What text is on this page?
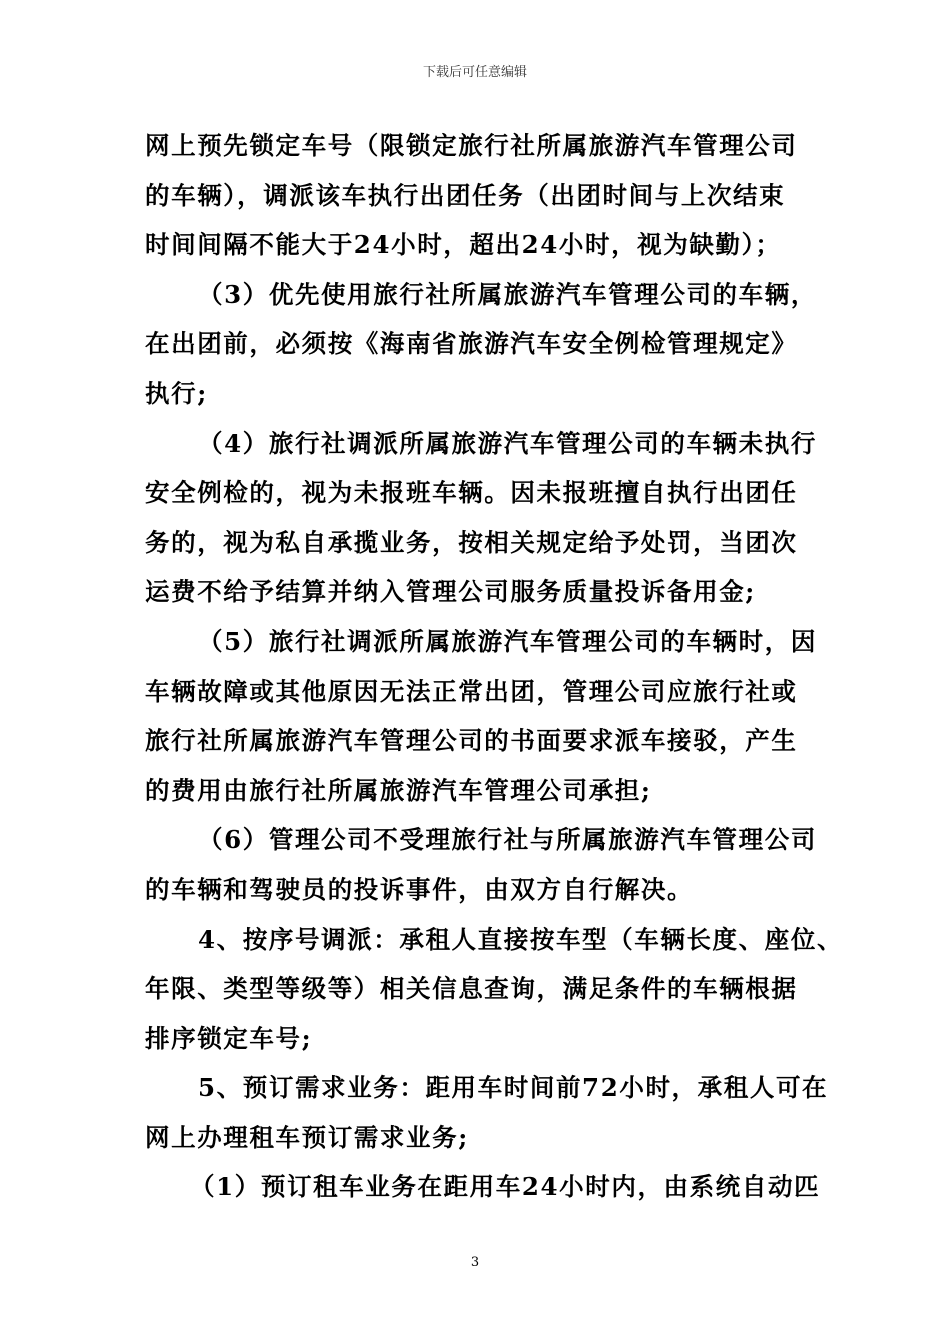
下载后可任意编辑
网上预先锁定车号（限锁定旅行社所属旅游汽车管理公司
的车辆），调派该车执行出团任务（出团时间与上次结束
时间间隔不能大于24小时，超出24小时，视为缺勤）；
（3）优先使用旅行社所属旅游汽车管理公司的车辆，
在出团前，必须按《海南省旅游汽车安全例检管理规定》
执行;
（4）旅行社调派所属旅游汽车管理公司的车辆未执行
安全例检的，视为未报班车辆。因未报班擅自执行出团任
务的，视为私自承揽业务，按相关规定给予处罚，当团次
运费不给予结算并纳入管理公司服务质量投诉备用金;
（5）旅行社调派所属旅游汽车管理公司的车辆时，因
车辆故障或其他原因无法正常出团，管理公司应旅行社或
旅行社所属旅游汽车管理公司的书面要求派车接驳，产生
的费用由旅行社所属旅游汽车管理公司承担;
（6）管理公司不受理旅行社与所属旅游汽车管理公司
的车辆和驾驶员的投诉事件，由双方自行解决。
4、按序号调派：承租人直接按车型（车辆长度、座位、
年限、类型等级等）相关信息查询，满足条件的车辆根据
排序锁定车号;
5、预订需求业务：距用车时间前72小时，承租人可在
网上办理租车预订需求业务;
（1）预订租车业务在距用车24小时内，由系统自动匹
3
